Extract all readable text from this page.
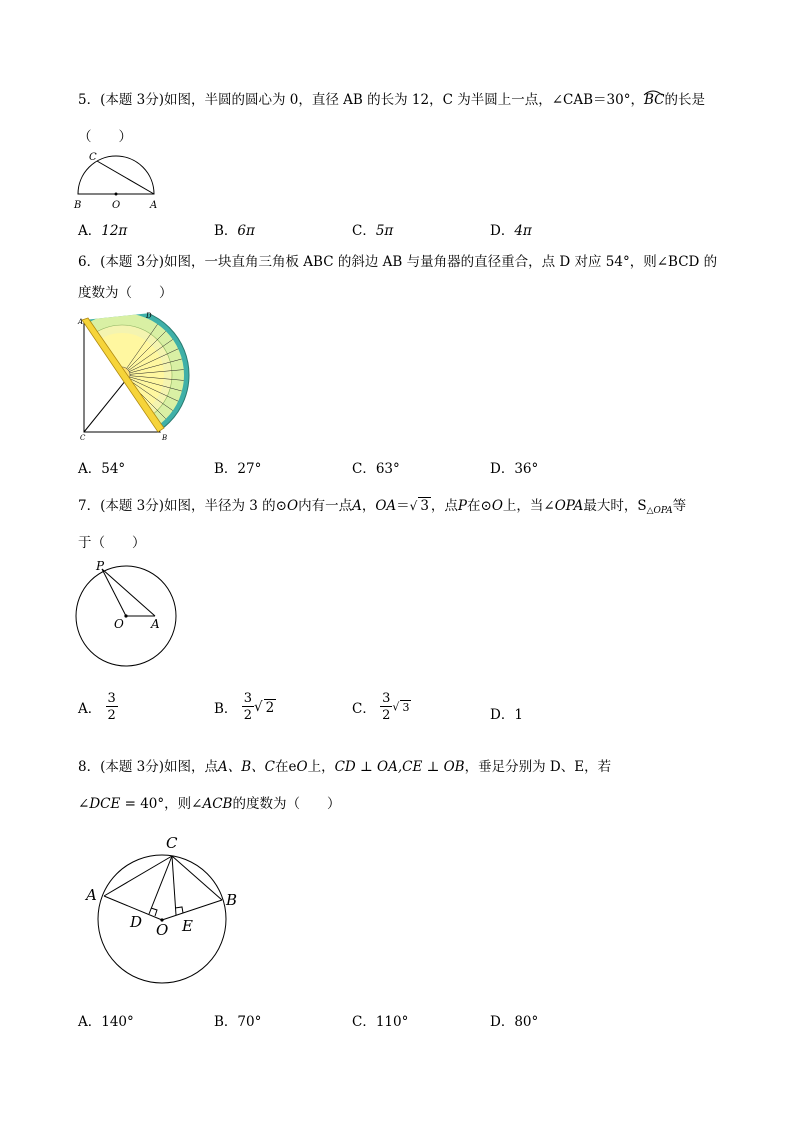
5．(本题 3分)如图，半圆的圆心为 0，直径 AB 的长为 12，C 为半圆上一点，∠CAB＝30°，
BC的长是
（　　）
C
B	O	A
A．12π	B．6π	C．5π	D．4π
6．(本题 3分)如图，一块直角三角板 ABC 的斜边 AB 与量角器的直径重合，点 D 对应 54°，则∠BCD 的
度数为（　　）
A
D
C	B
A．54°	B．27°	C．63°	D．36°
7．(本题 3分)如图，半径为 3 的⊙O内有一点A，OA＝√ 3 ，点P在⊙O上，当∠OPA最大时，$S_{\triangle OPA}$等
于（　　）
P
O A
A． $\frac{3}{2}$	B． $\frac{3}{2}$ √ 2	C． $\frac{3}{2}$ √ 3	D．1
8．(本题 3分)如图，点A、B、C在eO上，CD ⊥ OA,CE ⊥ OB，垂足分别为 D、E，若
∠DCE = 40°，则∠ACB的度数为（　　）
C
A	B
D O E
A．140°	B．70°	C．110°	D．80°
